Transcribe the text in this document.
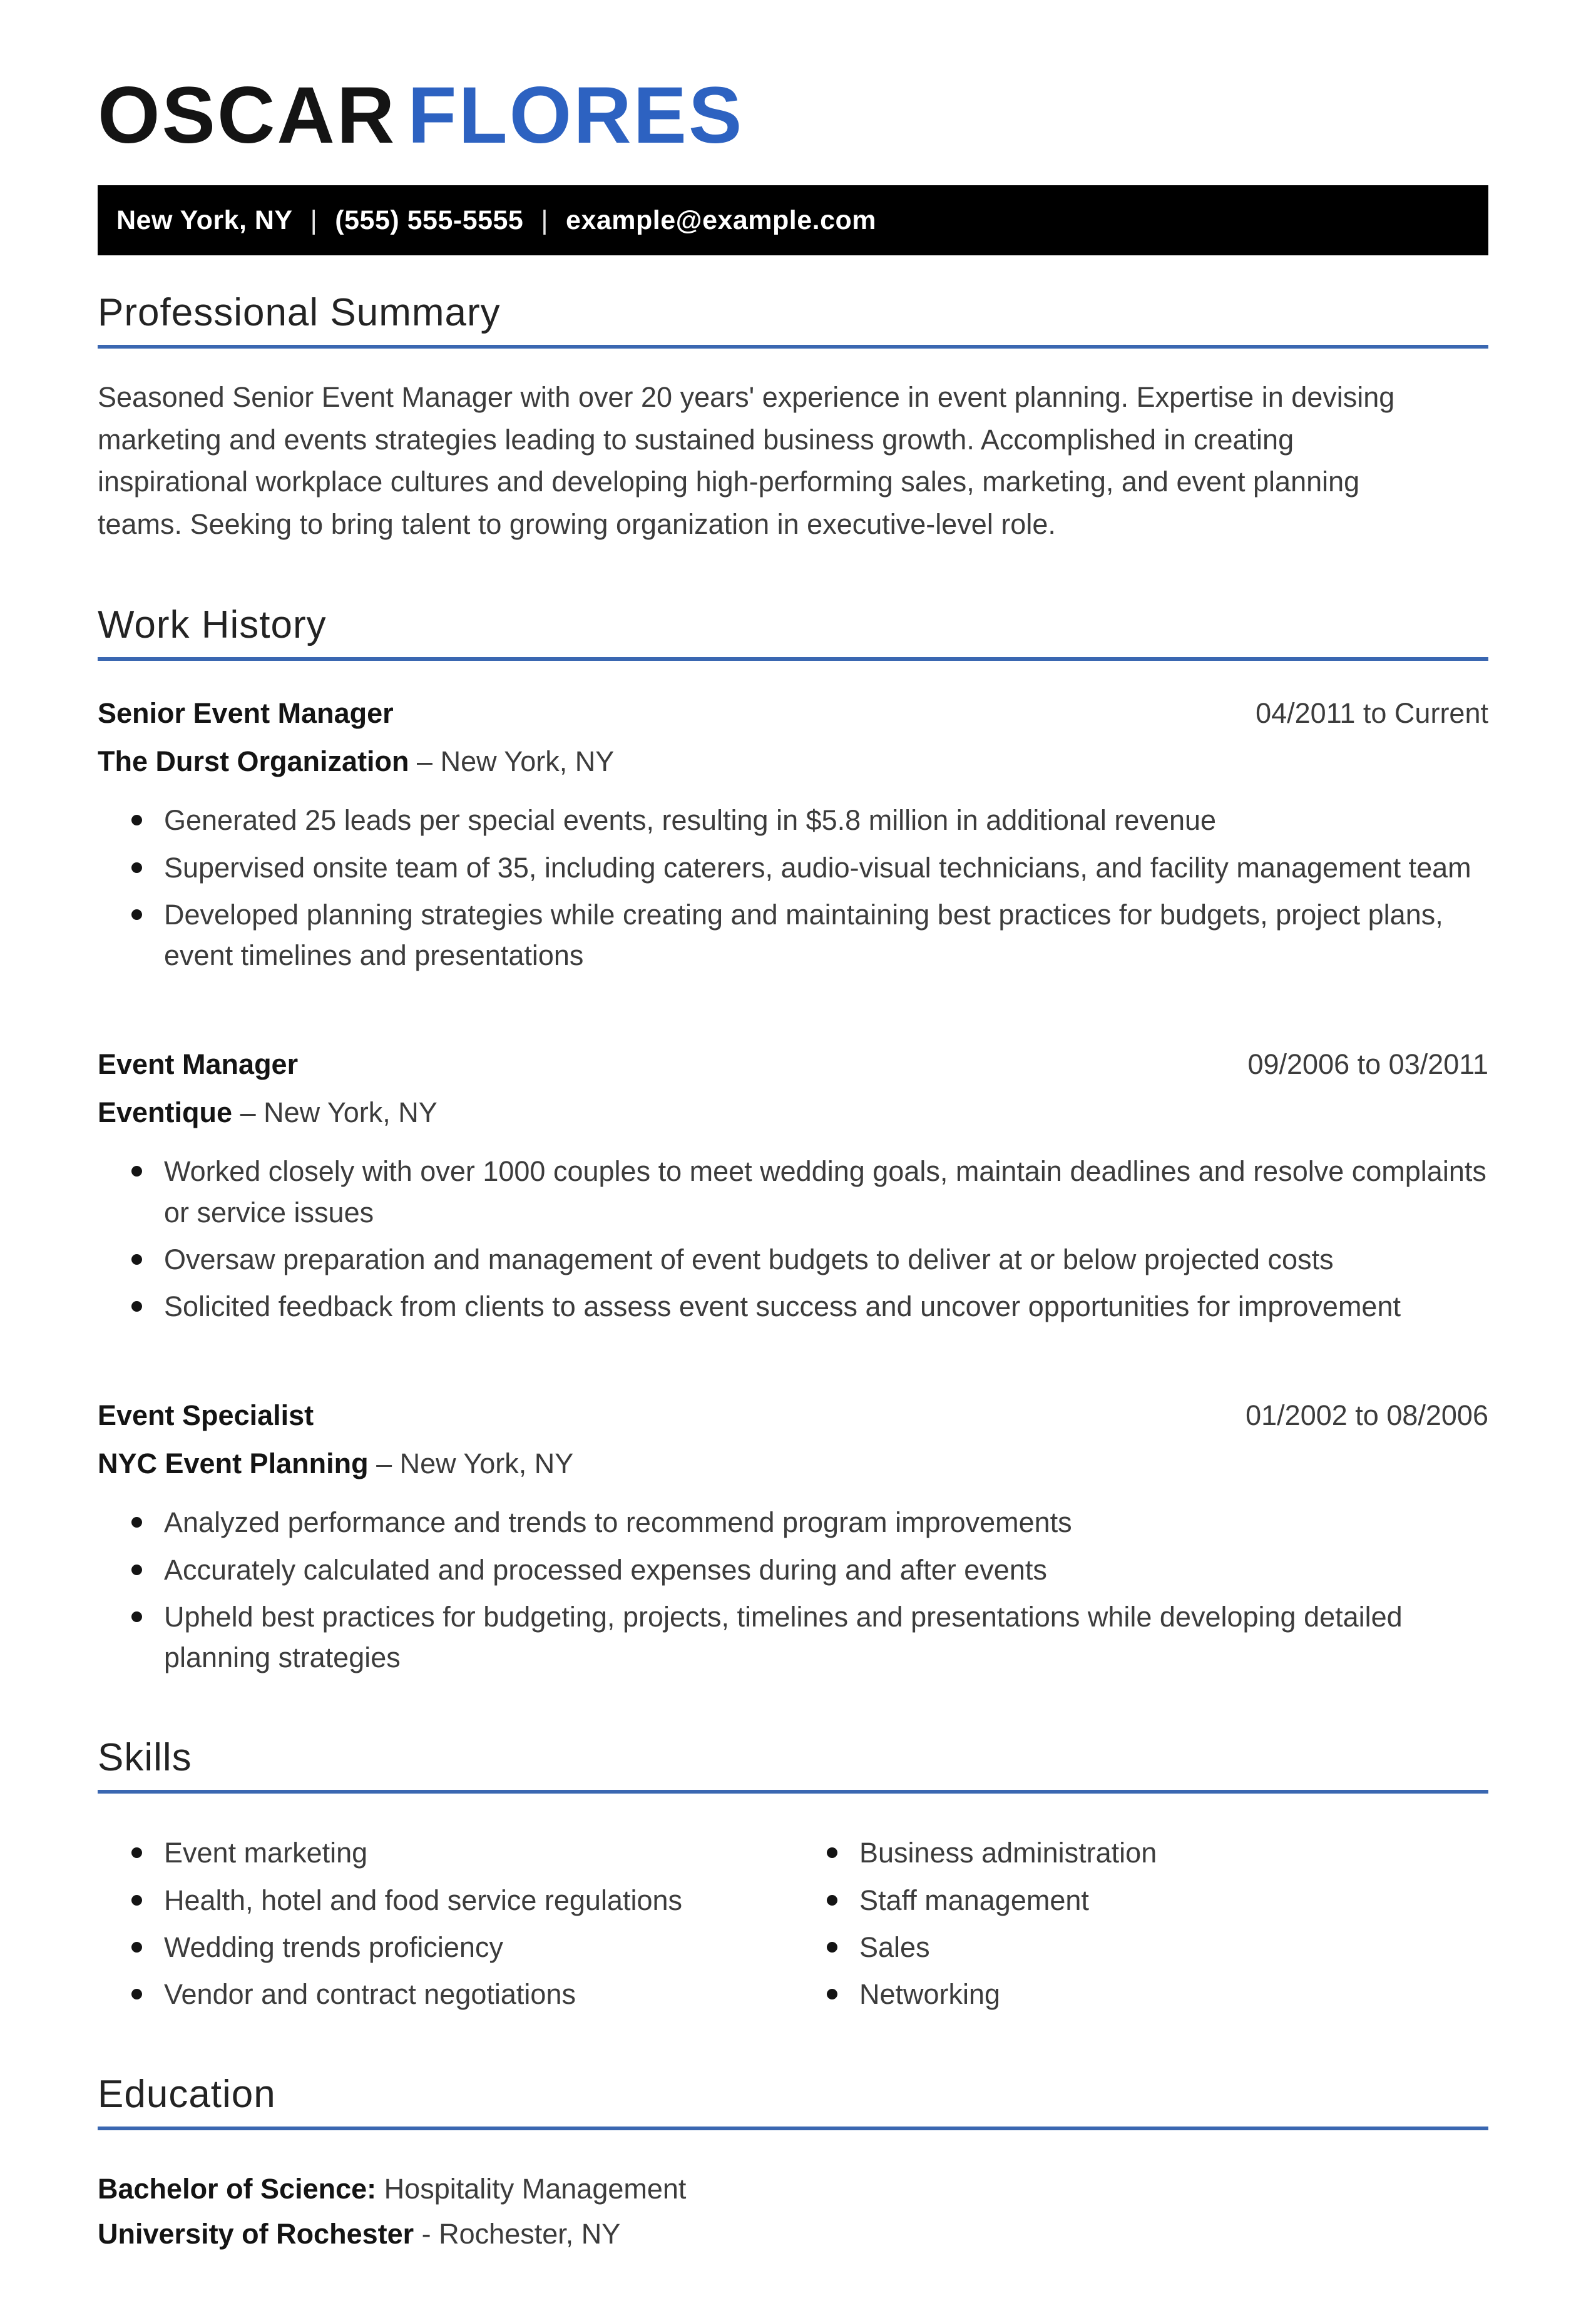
OSCAR FLORES
New York, NY | (555) 555-5555 | example@example.com
Professional Summary

Seasoned Senior Event Manager with over 20 years' experience in event planning. Expertise in devising marketing and events strategies leading to sustained business growth. Accomplished in creating inspirational workplace cultures and developing high-performing sales, marketing, and event planning teams. Seeking to bring talent to growing organization in executive-level role.

Work History
Senior Event Manager	04/2011 to Current
The Durst Organization – New York, NY
Generated 25 leads per special events, resulting in $5.8 million in additional revenue
Supervised onsite team of 35, including caterers, audio-visual technicians, and facility management team
Developed planning strategies while creating and maintaining best practices for budgets, project plans, event timelines and presentations
Event Manager	09/2006 to 03/2011
Eventique – New York, NY
Worked closely with over 1000 couples to meet wedding goals, maintain deadlines and resolve complaints or service issues
Oversaw preparation and management of event budgets to deliver at or below projected costs
Solicited feedback from clients to assess event success and uncover opportunities for improvement
Event Specialist	01/2002 to 08/2006
NYC Event Planning – New York, NY
Analyzed performance and trends to recommend program improvements
Accurately calculated and processed expenses during and after events
Upheld best practices for budgeting, projects, timelines and presentations while developing detailed planning strategies
Skills
Event marketing
Health, hotel and food service regulations
Wedding trends proficiency
Vendor and contract negotiations
Business administration
Staff management
Sales
Networking
Education

Bachelor of Science: Hospitality Management

University of Rochester - Rochester, NY
